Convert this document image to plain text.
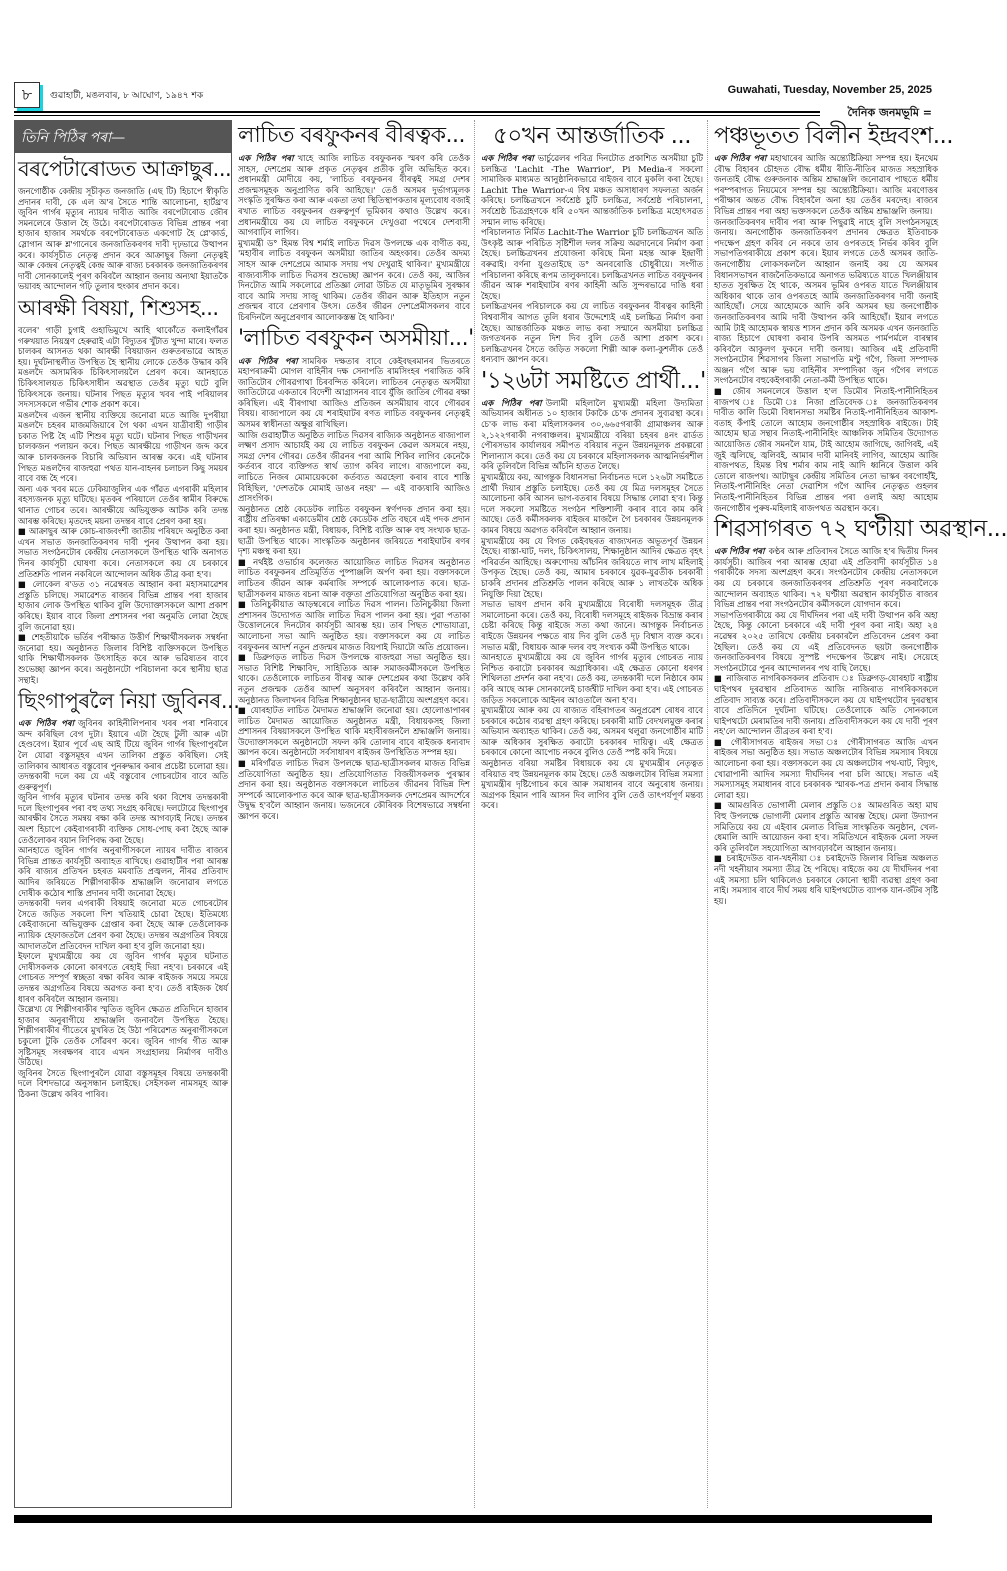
৮	গুৱাহাটী, মঙলবাৰ, ৮ আঘোণ, ১৯৪৭ শক	Guwahati, Tuesday, November 25, 2025
দৈনিক জনমভূমি =
তিনি পিঠিৰ পৰা—
বৰপেটাৰোডত আক্ৰাছুৰ...

জনগোষ্ঠীক কেন্দ্ৰীয় সূচীকৃত জনজাতি (এছ টি) হিচাপে স্বীকৃতি প্ৰদানৰ দাবী, কে এল অ'ৰ সৈতে শান্তি আলোচনা, হাৰ্টথ্ৰ'ব জুবিন গাৰ্গৰ মৃত্যুৰ ন্যায়ৰ দাবীত আজি বৰপেটাৰোড জৌৰ সমনলেৰে উত্তাল হৈ উঠে। বৰপেটাৰোডত বিভিন্ন প্ৰান্তৰ পৰা হাজাৰ হাজাৰ সমৰ্থকে বৰপেটাৰোডত একগোট হৈ প্লে'কাৰ্ড, স্লোগান আৰু শ্ল'গানেৰে জনজাতিকৰণৰ দাবী দৃঢ়ভাৱে উত্থাপন কৰে। কাৰ্যসূচীত নেতৃত্ব প্ৰদান কৰে আক্ৰাছুৰ জিলা নেতৃত্বই আৰু কেন্দ্ৰৰ নেতৃত্বই কেন্দ্ৰ আৰু ৰাজ্য চৰকাৰক জনজাতিকৰণৰ দাবী সোনকালেই পূৰণ কৰিবলৈ আহ্বান জনায় অন্যথা ইয়াতকৈ ভয়াবহ আন্দোলন গঢ়ি তুলাৰ হুংকাৰ প্ৰদান কৰে।

আৰক্ষী বিষয়া, শিশুসহ...

বলেৰ' গাড়ী চুগাই গুহাভিমুখে আহি থাকোঁতে কলাইগাঁৱৰ গৰুখয়াত নিয়ন্ত্ৰণ হেৰুৱাই এটা বিদ্যুতৰ খুঁটাত খুন্দা মাৰে। ফলত চালকৰ আসনত থকা আৰক্ষী বিষয়াজন গুৰুতৰভাৱে আহত হয়। দুৰ্ঘটনাস্থলীত উপস্থিত হৈ স্থানীয় লোকে তেওঁক উদ্ধাৰ কৰি মঙলদৈ অসামৰিক চিকিৎসালয়লৈ প্ৰেৰণ কৰে। আনহাতে চিকিৎসালয়ত চিকিৎসাধীন অৱস্থাত তেওঁৰ মৃত্যু ঘটে বুলি চিকিৎসকে জনায়। ঘটনাৰ পিছত মৃত্যুৰ খবৰ পাই পৰিয়ালৰ সদস্যসকলে গভীৰ শোক প্ৰকাশ কৰে।

মঙলদৈৰ এজন স্থানীয় ব্যক্তিয়ে জনোৱা মতে আজি দুপৰীয়া মঙলদৈ চহৰৰ মাজমজিয়াৰে গৈ থকা এখন যাত্ৰীবাহী গাড়ীৰ চকাত পিষ্ট হৈ এটি শিশুৰ মৃত্যু ঘটে। ঘটনাৰ পিছত গাড়ীখনৰ চালকজন পলায়ন কৰে। পিছত আৰক্ষীয়ে গাড়ীখন জব্দ কৰে আৰু চালকজনক বিচাৰি অভিযান আৰম্ভ কৰে। এই ঘটনাৰ পিছত মঙলদৈৰ ৰাজহুৱা পথত যান-বাহনৰ চলাচল কিছু সময়ৰ বাবে বন্ধ হৈ পৰে।

অন্য এক খবৰ মতে ঢেকিয়াজুলিৰ এক গাঁৱত এগৰাকী মহিলাৰ ৰহস্যজনক মৃত্যু ঘটিছে। মৃতকৰ পৰিয়ালে তেওঁৰ স্বামীৰ বিৰুদ্ধে থানাত গোচৰ তৰে। আৰক্ষীয়ে অভিযুক্তক আটক কৰি তদন্ত আৰম্ভ কৰিছে। মৃতদেহ ময়না তদন্তৰ বাবে প্ৰেৰণ কৰা হয়।

■ আক্ৰাছুৰ আৰু কোচ-ৰাজবংশী জাতীয় পৰিষদে অনুষ্ঠিত কৰা এখন সভাত জনজাতিকৰণৰ দাবী পুনৰ উত্থাপন কৰা হয়। সভাত সংগঠনটোৰ কেন্দ্ৰীয় নেতাসকলে উপস্থিত থাকি অনাগত দিনৰ কাৰ্যসূচী ঘোষণা কৰে। নেতাসকলে কয় যে চৰকাৰে প্ৰতিশ্ৰুতি পালন নকৰিলে আন্দোলন অধিক তীব্ৰ কৰা হ'ব।

■ লোকেল ৰ'ডত ৩১ নৱেম্বৰত আহ্বান কৰা মহাসমাৱেশৰ প্ৰস্তুতি চলিছে। সমাৱেশত ৰাজ্যৰ বিভিন্ন প্ৰান্তৰ পৰা হাজাৰ হাজাৰ লোক উপস্থিত থাকিব বুলি উদ্যোক্তাসকলে আশা প্ৰকাশ কৰিছে। ইয়াৰ বাবে জিলা প্ৰশাসনৰ পৰা অনুমতি লোৱা হৈছে বুলি জনোৱা হয়।

■ শেহতীয়াকৈ ভৰ্তিৰ পৰীক্ষাত উত্তীৰ্ণ শিক্ষাৰ্থীসকলক সম্বৰ্ধনা জনোৱা হয়। অনুষ্ঠানত জিলাৰ বিশিষ্ট ব্যক্তিসকলে উপস্থিত থাকি শিক্ষাৰ্থীসকলক উৎসাহিত কৰে আৰু ভৱিষ্যতৰ বাবে শুভেচ্ছা জ্ঞাপন কৰে। অনুষ্ঠানটো পৰিচালনা কৰে স্থানীয় ছাত্ৰ সন্থাই।

ছিংগাপুৰলৈ নিয়া জুবিনৰ...

এক পিঠিৰ পৰা জুবিনৰ কাহিনীলিপনাৰ খবৰ পৰা শনিবাৰে অন্দ কৰিছিল বেগ দুটা। ইয়াৰে এটা হৈছে টুলী আৰু এটা হেণ্ডবেগ। ইয়াৰ পূৰ্বে এছ আই টিয়ে জুবিন গাৰ্গৰ ছিংগাপুৰলৈ লৈ যোৱা বস্তুসমূহৰ এখন তালিকা প্ৰস্তুত কৰিছিল। সেই তালিকাৰ আধাৰত বস্তুবোৰ পুনৰুদ্ধাৰ কৰাৰ প্ৰচেষ্টা চলোৱা হয়। তদন্তকাৰী দলে কয় যে এই বস্তুবোৰ গোচৰটোৰ বাবে অতি গুৰুত্বপূৰ্ণ।

জুবিন গাৰ্গৰ মৃত্যুৰ ঘটনাৰ তদন্ত কৰি থকা বিশেষ তদন্তকাৰী দলে ছিংগাপুৰৰ পৰা বহু তথ্য সংগ্ৰহ কৰিছে। দলটোৱে ছিংগাপুৰ আৰক্ষীৰ সৈতে সমন্বয় ৰক্ষা কৰি তদন্ত আগবঢ়াই নিছে। তদন্তৰ অংশ হিচাপে কেইবাগৰাকী ব্যক্তিক সোধ-পোছ কৰা হৈছে আৰু তেওঁলোকৰ বয়ান লিপিবদ্ধ কৰা হৈছে।

আনহাতে জুবিন গাৰ্গৰ অনুৰাগীসকলে ন্যায়ৰ দাবীত ৰাজ্যৰ বিভিন্ন প্ৰান্তত কাৰ্যসূচী অব্যাহত ৰাখিছে। গুৱাহাটীৰ পৰা আৰম্ভ কৰি ৰাজ্যৰ প্ৰতিখন চহৰত মমবাতি প্ৰজ্বলন, নীৰৱ প্ৰতিবাদ আদিৰ জৰিয়তে শিল্পীগৰাকীক শ্ৰদ্ধাঞ্জলি জনোৱাৰ লগতে দোষীক কঠোৰ শাস্তি প্ৰদানৰ দাবী জনোৱা হৈছে।

তদন্তকাৰী দলৰ এগৰাকী বিষয়াই জনোৱা মতে গোচৰটোৰ সৈতে জড়িত সকলো দিশ খতিয়াই চোৱা হৈছে। ইতিমধ্যে কেইবাজনো অভিযুক্তক গ্ৰেপ্তাৰ কৰা হৈছে আৰু তেওঁলোকক ন্যায়িক হেফাজতলৈ প্ৰেৰণ কৰা হৈছে। তদন্তৰ অগ্ৰগতিৰ বিষয়ে আদালতলৈ প্ৰতিবেদন দাখিল কৰা হ'ব বুলি জনোৱা হয়।

ইফালে মুখ্যমন্ত্ৰীয়ে কয় যে জুবিন গাৰ্গৰ মৃত্যুৰ ঘটনাত দোষীসকলক কোনো কাৰণতে ৰেহাই দিয়া নহ'ব। চৰকাৰে এই গোচৰত সম্পূৰ্ণ স্বচ্ছতা ৰক্ষা কৰিব আৰু ৰাইজক সময়ে সময়ে তদন্তৰ অগ্ৰগতিৰ বিষয়ে অৱগত কৰা হ'ব। তেওঁ ৰাইজক ধৈৰ্য ধাৰণ কৰিবলৈ আহ্বান জনায়।

উল্লেখ্য যে শিল্পীগৰাকীৰ স্মৃতিত জুবিন ক্ষেত্ৰত প্ৰতিদিনে হাজাৰ হাজাৰ অনুৰাগীয়ে শ্ৰদ্ধাঞ্জলি জনাবলৈ উপস্থিত হৈছে। শিল্পীগৰাকীৰ গীতেৰে মুখৰিত হৈ উঠা পৰিৱেশত অনুৰাগীসকলে চকুলো টুকি তেওঁক সোঁৱৰণ কৰে। জুবিন গাৰ্গৰ গীত আৰু সৃষ্টিসমূহ সংৰক্ষণৰ বাবে এখন সংগ্ৰহালয় নিৰ্মাণৰ দাবীও উঠিছে।

জুবিনৰ সৈতে ছিংগাপুৰলৈ যোৱা বস্তুসমূহৰ বিষয়ে তদন্তকাৰী দলে বিশদভাৱে অনুসন্ধান চলাইছে। সেইসকল নামসমূহ আৰু ঠিকনা উল্লেখ কৰিব পাৰিব।

লাচিত বৰফুকনৰ বীৰত্বক...

এক পিঠিৰ পৰা খাহে আজি লাচিত বৰফুকনক স্মৰণ কৰি তেওঁক সাহস, দেশপ্ৰেম আৰু প্ৰকৃত নেতৃত্বৰ প্ৰতীক বুলি অভিহিত কৰে। প্ৰধানমন্ত্ৰী মোদীয়ে কয়, 'লাচিত বৰফুকনৰ বীৰত্বই সমগ্ৰ দেশৰ প্ৰজন্মসমূহক অনুপ্ৰাণিত কৰি আহিছে।' তেওঁ অসমৰ দুৰ্ভাগ্যমূলক সংস্কৃতি সুৰক্ষিত কৰা আৰু একতা তথা স্থিতিস্থাপকতাৰ মূল্যবোধ বজাই ৰখাত লাচিত বৰফুকনৰ গুৰুত্বপূৰ্ণ ভূমিকাৰ কথাও উল্লেখ কৰে। প্ৰধানমন্ত্ৰীয়ে কয় যে লাচিত বৰফুকনে দেখুওৱা পথেৰে দেশবাসী আগবাঢ়িব লাগিব।

মুখ্যমন্ত্ৰী ড° হিমন্ত বিশ্ব শৰ্মাই লাচিত দিৱস উপলক্ষে এক বাণীত কয়, 'মহাবীৰ লাচিত বৰফুকন অসমীয়া জাতিৰ অহংকাৰ। তেওঁৰ অদম্য সাহস আৰু দেশপ্ৰেমে আমাক সদায় পথ দেখুৱাই থাকিব।' মুখ্যমন্ত্ৰীয়ে ৰাজ্যবাসীক লাচিত দিৱসৰ শুভেচ্ছা জ্ঞাপন কৰে। তেওঁ কয়, আজিৰ দিনটোত আমি সকলোৱে প্ৰতিজ্ঞা লোৱা উচিত যে মাতৃভূমিৰ সুৰক্ষাৰ বাবে আমি সদায় সাজু থাকিম। তেওঁৰ জীৱন আৰু ইতিহাস নতুন প্ৰজন্মৰ বাবে প্ৰেৰণাৰ উৎস। তেওঁৰ জীৱন দেশপ্ৰেমীসকলৰ বাবে চিৰদিনলৈ অনুপ্ৰেৰণাৰ আলোকস্তম্ভ হৈ থাকিব।'

'লাচিত বৰফুকন অসমীয়া...'

এক পিঠিৰ পৰা সামৰিক দক্ষতাৰ বাবে কেইবছৰমানৰ ভিতৰতে মহাপৰাক্ৰমী মোগল বাহিনীৰ দক্ষ সেনাপতি ৰামসিংহৰ পৰাজিত কৰি জাতিটোৰ গৌৰৱগাথা চিৰবন্দিত কৰিলে। লাচিতৰ নেতৃত্বত অসমীয়া জাতিটোৱে একতাৰে বিদেশী আগ্ৰাসনৰ বাবে যুঁজি জাতিৰ গৌৰৱ ৰক্ষা কৰিছিল। এই বীৰগাথা আজিও প্ৰতিজন অসমীয়াৰ বাবে গৌৰৱৰ বিষয়। ৰাজ্যপালে কয় যে শৰাইঘাটৰ ৰণত লাচিত বৰফুকনৰ নেতৃত্বই অসমৰ স্বাধীনতা অক্ষুণ্ণ ৰাখিছিল।

আজি গুৱাহাটীত অনুষ্ঠিত লাচিত দিৱসৰ ৰাজ্যিক অনুষ্ঠানত ৰাজ্যপাল লক্ষ্মণ প্ৰসাদ আচাৰ্যই কয় যে লাচিত বৰফুকন কেৱল অসমৰে নহয়, সমগ্ৰ দেশৰ গৌৰৱ। তেওঁৰ জীৱনৰ পৰা আমি শিকিব লাগিব কেনেকৈ কৰ্তব্যৰ বাবে ব্যক্তিগত স্বাৰ্থ ত্যাগ কৰিব লাগে। ৰাজ্যপালে কয়, লাচিতে নিজৰ মোমায়েককো কৰ্তব্যত অৱহেলা কৰাৰ বাবে শাস্তি বিহিছিল, 'দেশতকৈ মোমাই ডাঙৰ নহয়' — এই বাক্যষাৰি আজিও প্ৰাসংগিক।

অনুষ্ঠানত শ্ৰেষ্ঠ কেডেটক লাচিত বৰফুকন স্বৰ্ণপদক প্ৰদান কৰা হয়। ৰাষ্ট্ৰীয় প্ৰতিৰক্ষা একাডেমীৰ শ্ৰেষ্ঠ কেডেটক প্ৰতি বছৰে এই পদক প্ৰদান কৰা হয়। অনুষ্ঠানত মন্ত্ৰী, বিধায়ক, বিশিষ্ট ব্যক্তি আৰু বহু সংখ্যক ছাত্ৰ-ছাত্ৰী উপস্থিত থাকে। সাংস্কৃতিক অনুষ্ঠানৰ জৰিয়তে শৰাইঘাটৰ ৰণৰ দৃশ্য মঞ্চস্থ কৰা হয়।

■ নৰ্থইষ্ট ওভাৰ্চাৰ কলেজত আয়োজিত লাচিত দিৱসৰ অনুষ্ঠানত লাচিত বৰফুকনৰ প্ৰতিমূৰ্তিত পুষ্পাঞ্জলি অৰ্পণ কৰা হয়। বক্তাসকলে লাচিতৰ জীৱন আৰু কৰ্মৰাজি সম্পৰ্কে আলোকপাত কৰে। ছাত্ৰ-ছাত্ৰীসকলৰ মাজত ৰচনা আৰু বক্তৃতা প্ৰতিযোগিতা অনুষ্ঠিত কৰা হয়।

■ তিনিচুকীয়াত আড়ম্বৰেৰে লাচিত দিৱস পালন। তিনিচুকীয়া জিলা প্ৰশাসনৰ উদ্যোগত আজি লাচিত দিৱস পালন কৰা হয়। পুৱা পতাকা উত্তোলনেৰে দিনটোৰ কাৰ্যসূচী আৰম্ভ হয়। তাৰ পিছত শোভাযাত্ৰা, আলোচনা সভা আদি অনুষ্ঠিত হয়। বক্তাসকলে কয় যে লাচিত বৰফুকনৰ আদৰ্শ নতুন প্ৰজন্মৰ মাজত বিয়পাই দিয়াটো অতি প্ৰয়োজন।

■ ডিব্ৰুগড়ত লাচিত দিৱস উপলক্ষে ৰাজহুৱা সভা অনুষ্ঠিত হয়। সভাত বিশিষ্ট শিক্ষাবিদ, সাহিত্যিক আৰু সমাজকৰ্মীসকলে উপস্থিত থাকে। তেওঁলোকে লাচিতৰ বীৰত্ব আৰু দেশপ্ৰেমৰ কথা উল্লেখ কৰি নতুন প্ৰজন্মক তেওঁৰ আদৰ্শ অনুসৰণ কৰিবলৈ আহ্বান জনায়। অনুষ্ঠানত জিলাখনৰ বিভিন্ন শিক্ষানুষ্ঠানৰ ছাত্ৰ-ছাত্ৰীয়ে অংশগ্ৰহণ কৰে।

■ যোৰহাটত লাচিত মৈদামত শ্ৰদ্ধাঞ্জলি জনোৱা হয়। হোলোঙাপাৰৰ লাচিত মৈদামত আয়োজিত অনুষ্ঠানত মন্ত্ৰী, বিধায়কসহ জিলা প্ৰশাসনৰ বিষয়াসকলে উপস্থিত থাকি মহাবীৰজনলৈ শ্ৰদ্ধাঞ্জলি জনায়। উদ্যোক্তাসকলে অনুষ্ঠানটো সফল কৰি তোলাৰ বাবে ৰাইজক ধন্যবাদ জ্ঞাপন কৰে। অনুষ্ঠানটো সৰ্বসাধাৰণ ৰাইজৰ উপস্থিতিত সম্পন্ন হয়।

■ মৰিগাঁৱত লাচিত দিৱস উপলক্ষে ছাত্ৰ-ছাত্ৰীসকলৰ মাজত বিভিন্ন প্ৰতিযোগিতা অনুষ্ঠিত হয়। প্ৰতিযোগিতাত বিজয়ীসকলক পুৰস্কাৰ প্ৰদান কৰা হয়। অনুষ্ঠানত বক্তাসকলে লাচিতৰ জীৱনৰ বিভিন্ন দিশ সম্পৰ্কে আলোকপাত কৰে আৰু ছাত্ৰ-ছাত্ৰীসকলক দেশপ্ৰেমৰ আদৰ্শেৰে উদ্বুদ্ধ হ'বলৈ আহ্বান জনায়। ভজনেৰে কৌৰিবক বিশেষভাৱে সম্বৰ্ধনা জ্ঞাপন কৰে।

৫০খন আন্তৰ্জাতিক ...

এক পিঠিৰ পৰা ভাৰ্চুৱেলৰ পবিত্ৰ দিনটোত প্ৰকাশিত অসমীয়া চুটি চলচ্চিত্ৰ 'Lachit -The Warrior', Pi Media-ৰ সকলো সামাজিক মাধ্যমত আনুষ্ঠানিকভাৱে ৰাইজৰ বাবে মুকলি কৰা হৈছে। Lachit The Warrior-এ বিশ্ব মঞ্চত অসাধাৰণ সফলতা অৰ্জন কৰিছে। চলচ্চিত্ৰখনে সৰ্বশ্ৰেষ্ঠ চুটি চলচ্চিত্ৰ, সৰ্বশ্ৰেষ্ঠ পৰিচালনা, সৰ্বশ্ৰেষ্ঠ চিত্ৰগ্ৰহণকে ধৰি ৫০খন আন্তৰ্জাতিক চলচ্চিত্ৰ মহোৎসৱত সন্মান লাভ কৰিছে।

পৰিচালনাত নিৰ্মিত Lachit-The Warrior চুটি চলচ্চিত্ৰখন অতি উৎকৃষ্ট আৰু পৰিচিত সৃষ্টিশীল দলৰ সক্ৰিয় অৱদানেৰে নিৰ্মাণ কৰা হৈছে। চলচ্চিত্ৰখনৰ প্ৰযোজনা কৰিছে মিনা মহন্ত আৰু ইন্দ্ৰাণী বৰুৱাই। বৰ্ণনা যুগুতাইছে ড° অনবৰোত্তি চৌধুৰীয়ে। সংগীত পৰিচালনা কৰিছে ৰূপম তালুকদাৰে। চলচ্চিত্ৰখনত লাচিত বৰফুকনৰ জীৱন আৰু শৰাইঘাটৰ ৰণৰ কাহিনী অতি সুন্দৰভাৱে দাঙি ধৰা হৈছে।

চলচ্চিত্ৰখনৰ পৰিচালকে কয় যে লাচিত বৰফুকনৰ বীৰত্বৰ কাহিনী বিশ্ববাসীৰ আগত তুলি ধৰাৰ উদ্দেশ্যেই এই চলচ্চিত্ৰ নিৰ্মাণ কৰা হৈছে। আন্তৰ্জাতিক মঞ্চত লাভ কৰা সন্মানে অসমীয়া চলচ্চিত্ৰ জগতখনক নতুন দিশ দিব বুলি তেওঁ আশা প্ৰকাশ কৰে। চলচ্চিত্ৰখনৰ সৈতে জড়িত সকলো শিল্পী আৰু কলা-কুশলীক তেওঁ ধন্যবাদ জ্ঞাপন কৰে।

'১২৬টা সমষ্টিতে প্ৰাৰ্থী...'

এক পিঠিৰ পৰা উলামী মহিলালৈ মুখ্যমন্ত্ৰী মহিলা উদ্যমিতা অভিযানৰ অধীনত ১০ হাজাৰ টকাকৈ চে'ক প্ৰদানৰ সুব্যৱস্থা কৰে। চে'ক লাভ কৰা মহিলাসকলৰ ৩০,৬৬৫গৰাকী গ্ৰামাঞ্চলৰ আৰু ২,১২২গৰাকী নগৰাঞ্চলৰ। মুখ্যমন্ত্ৰীয়ে বৰিয়া চহৰৰ ৪নং ৱাৰ্ডত পৌৰসভাৰ কাৰ্যালয়ৰ সমীপত বৰিয়াৰ নতুন উন্নয়নমূলক প্ৰকল্পৰো শিলান্যাস কৰে। তেওঁ কয় যে চৰকাৰে মহিলাসকলক আত্মনিৰ্ভৰশীল কৰি তুলিবলৈ বিভিন্ন আঁচনি হাতত লৈছে।

মুখ্যমন্ত্ৰীয়ে কয়, আগন্তুক বিধানসভা নিৰ্বাচনত দলে ১২৬টা সমষ্টিতে প্ৰাৰ্থী দিয়াৰ প্ৰস্তুতি চলাইছে। তেওঁ কয় যে মিত্ৰ দলসমূহৰ সৈতে আলোচনা কৰি আসন ভাগ-বতৰাৰ বিষয়ে সিদ্ধান্ত লোৱা হ'ব। কিন্তু দলে সকলো সমষ্টিতে সংগঠন শক্তিশালী কৰাৰ বাবে কাম কৰি আছে। তেওঁ কৰ্মীসকলক ৰাইজৰ মাজলৈ গৈ চৰকাৰৰ উন্নয়নমূলক কামৰ বিষয়ে অৱগত কৰিবলৈ আহ্বান জনায়।

মুখ্যমন্ত্ৰীয়ে কয় যে বিগত কেইবছৰত ৰাজ্যখনত অভূতপূৰ্ব উন্নয়ন হৈছে। ৰাস্তা-ঘাট, দলং, চিকিৎসালয়, শিক্ষানুষ্ঠান আদিৰ ক্ষেত্ৰত বৃহৎ পৰিৱৰ্তন আহিছে। অৰুণোদয় আঁচনিৰ জৰিয়তে লাখ লাখ মহিলাই উপকৃত হৈছে। তেওঁ কয়, আমাৰ চৰকাৰে যুৱক-যুৱতীক চৰকাৰী চাকৰি প্ৰদানৰ প্ৰতিশ্ৰুতি পালন কৰিছে আৰু ১ লাখতকৈ অধিক নিযুক্তি দিয়া হৈছে।

সভাত ভাষণ প্ৰদান কৰি মুখ্যমন্ত্ৰীয়ে বিৰোধী দলসমূহক তীব্ৰ সমালোচনা কৰে। তেওঁ কয়, বিৰোধী দলসমূহে ৰাইজক বিভ্ৰান্ত কৰাৰ চেষ্টা কৰিছে কিন্তু ৰাইজে সত্য কথা জানে। আগন্তুক নিৰ্বাচনত ৰাইজে উন্নয়নৰ পক্ষতে ৰায় দিব বুলি তেওঁ দৃঢ় বিশ্বাস ব্যক্ত কৰে। সভাত মন্ত্ৰী, বিধায়ক আৰু দলৰ বহু সংখ্যক কৰ্মী উপস্থিত থাকে।

আনহাতে মুখ্যমন্ত্ৰীয়ে কয় যে জুবিন গাৰ্গৰ মৃত্যুৰ গোচৰত ন্যায় নিশ্চিত কৰাটো চৰকাৰৰ অগ্ৰাধিকাৰ। এই ক্ষেত্ৰত কোনো ধৰণৰ শিথিলতা প্ৰদৰ্শন কৰা নহ'ব। তেওঁ কয়, তদন্তকাৰী দলে নিষ্ঠাৰে কাম কৰি আছে আৰু সোনকালেই চাৰ্জশ্বীট দাখিল কৰা হ'ব। এই গোচৰত জড়িত সকলোকে আইনৰ আওতালৈ অনা হ'ব।

মুখ্যমন্ত্ৰীয়ে আৰু কয় যে ৰাজ্যত বহিৰাগতৰ অনুপ্ৰৱেশ ৰোধৰ বাবে চৰকাৰে কঠোৰ ব্যৱস্থা গ্ৰহণ কৰিছে। চৰকাৰী মাটি বেদখলমুক্ত কৰাৰ অভিযান অব্যাহত থাকিব। তেওঁ কয়, অসমৰ থলুৱা জনগোষ্ঠীৰ মাটি আৰু অধিকাৰ সুৰক্ষিত কৰাটো চৰকাৰৰ দায়িত্ব। এই ক্ষেত্ৰত চৰকাৰে কোনো আপোচ নকৰে বুলিও তেওঁ স্পষ্ট কৰি দিয়ে।

অনুষ্ঠানত বৰিয়া সমষ্টিৰ বিধায়কে কয় যে মুখ্যমন্ত্ৰীৰ নেতৃত্বত বৰিয়াত বহু উন্নয়নমূলক কাম হৈছে। তেওঁ অঞ্চলটোৰ বিভিন্ন সমস্যা মুখ্যমন্ত্ৰীৰ দৃষ্টিগোচৰ কৰে আৰু সমাধানৰ বাবে অনুৰোধ জনায়। অগ্ৰপক হিমান পাৰি আসন দিব লাগিব বুলি তেওঁ তাৎপৰ্যপূৰ্ণ মন্তব্য কৰে।

পঞ্চভূতত বিলীন ইন্দ্ৰবংশ...

এক পিঠিৰ পৰা মহাথাৰেৰ আজি অন্ত্যেষ্টিক্ৰিয়া সম্পন্ন হয়। ইনথেম বৌদ্ধ বিহাৰৰ চৌহদত বৌদ্ধ ধৰ্মীয় ৰীতি-নীতিৰ মাজত সহস্ৰাধিক জনতাই বৌদ্ধ গুৰুজনাক অন্তিম শ্ৰদ্ধাঞ্জলি জনোৱাৰ পাছতে ধৰ্মীয় পৰম্পৰাগত নিয়মেৰে সম্পন্ন হয় অন্ত্যেষ্টিক্ৰিয়া। আজি মৰণোত্তৰ পৰীক্ষাৰ অন্তত বৌদ্ধ বিহাৰলৈ অনা হয় তেওঁৰ মৰদেহ। ৰাজ্যৰ বিভিন্ন প্ৰান্তৰ পৰা অহা ভক্তসকলে তেওঁক অন্তিম শ্ৰদ্ধাঞ্জলি জনায়।

জনজাতিকৰণৰ দাবীৰ পৰা আৰু পিছুৱাই নাহে বুলি সংগঠনসমূহে জনায়। অনগোষ্ঠীক জনজাতিকৰণ প্ৰদানৰ ক্ষেত্ৰত ইতিবাচক পদক্ষেপ গ্ৰহণ কৰিব নে নকৰে তাৰ ওপৰতহে নিৰ্ভৰ কৰিব বুলি সভাপতিগৰাকীয়ে প্ৰকাশ কৰে। ইয়াৰ লগতে তেওঁ অসমৰ জাতি-জনগোষ্ঠীয় লোকসকললৈ আহ্বান জনাই কয় যে অসমৰ বিধানসভাখন ৰাজনৈতিকভাৱে অনাগত ভৱিষ্যতে যাতে খিলঞ্জীয়াৰ হাতত সুৰক্ষিত হৈ থাকে, অসমৰ ভূমিৰ ওপৰত যাতে খিলঞ্জীয়াৰ অধিকাৰ থাকে তাৰ ওপৰতহে আমি জনজাতিকৰণৰ দাবী জনাই আহিছোঁ। সেয়ে আহোমকে আদি কৰি অসমৰ ছয় জনগোষ্ঠীক জনজাতিকৰণৰ আমি দাবী উত্থাপন কৰি আহিছোঁ। ইয়াৰ লগতে আমি টাই আহোমক স্বায়ত্ত শাসন প্ৰদান কৰি অসমক এখন জনজাতি ৰাজ্য হিচাপে ঘোষণা কৰাৰ উপৰি অসমত পাৰ্মপৰ্মলে বাৰম্বাৰ কৰিবলৈ আকুলণ ফুকনে দাবী জনায়। আজিৰ এই প্ৰতিবাদী সংগঠনটোৰ শিৱসাগৰ জিলা সভাপতি মণ্টু গগৈ, জিলা সম্পাদক অঞ্জন গগৈ আৰু ভয় বাহিনীৰ সম্পাদিকা জুন গগৈৰ লগতে সংগঠনটোৰ বহুকেইগৰাকী নেতা-কৰ্মী উপস্থিত থাকে।

■ জৌৰ সমনলেৰে উত্তাল হ'ল ডিমৌৰ নিতাই-পানীনিহিতৰ ৰাজপথ ঃ ডিমৌ ঃ নিজা প্ৰতিবেদক ঃ জনজাতিকৰণৰ দাবীত কালি ডিমৌ বিধানসভা সমষ্টিৰ নিতাই-পানীনিহিতৰ আকাশ-বতাহ কঁপাই তোলে আহোম জনগোষ্ঠীৰ সহস্ৰাধিক ৰাইজে। টাই আহোম ছাত্ৰ সন্থাৰ নিতাই-পানীনিহিং আঞ্চলিক সমিতিৰ উদ্যোগত আয়োজিত জৌৰ সমনলৈ যাম, টাই আহোম জাগিছে, জাগিবই, এই জুই জ্বলিছে, জ্বলিবই, আমাৰ দাবী মানিবই লাগিব, আহোম আজি ৰাজপথত, হিমন্ত বিশ্ব শৰ্মাৰ কাম নাই আদি ধ্বনিৰে উত্তাল কৰি তোলে ৰাজপথ। আটাছুৰ কেন্দ্ৰীয় সমিতিৰ নেতা ভাস্কৰ বৰগোহাঁই, নিতাই-পানীনিহিং নেতা দেৱাশিস গগৈ আদিৰ নেতৃত্বত গুহলৰ নিতাই-পানীনিহিতৰ বিভিন্ন প্ৰান্তৰ পৰা ওলাই অহা আহোম জনগোষ্ঠীৰ পুৰুষ-মহিলাই ৰাজপথত অৱস্থান কৰে।

শিৱসাগৰত ৭২ ঘণ্টীয়া অৱস্থান...

এক পিঠিৰ পৰা কণ্ঠৰ আৰু প্ৰতিবাদৰ সৈতে আজি হ'ৰ দ্বিতীয় দিনৰ কাৰ্যসূচী। আজিৰ পৰা আৰম্ভ হোৱা এই প্ৰতিবাদী কাৰ্যসূচীত ১৪ গৰাকীকৈ সদস্য অংশগ্ৰহণ কৰে। সংগঠনটোৰ কেন্দ্ৰীয় নেতাসকলে কয় যে চৰকাৰে জনজাতিকৰণৰ প্ৰতিশ্ৰুতি পূৰণ নকৰালৈকে আন্দোলন অব্যাহত থাকিব। ৭২ ঘণ্টীয়া অৱস্থান কাৰ্যসূচীত ৰাজ্যৰ বিভিন্ন প্ৰান্তৰ পৰা সংগঠনটোৰ কৰ্মীসকলে যোগদান কৰে।

সভাপতিগৰাকীয়ে কয় যে দীৰ্ঘদিনৰ পৰা এই দাবী উত্থাপন কৰি অহা হৈছে, কিন্তু কোনো চৰকাৰে এই দাবী পূৰণ কৰা নাই। অহা ২৪ নৱেম্বৰ ২০২৫ তাৰিখে কেন্দ্ৰীয় চৰকাৰলৈ প্ৰতিবেদন প্ৰেৰণ কৰা হৈছিল। তেওঁ কয় যে এই প্ৰতিবেদনত ছয়টা জনগোষ্ঠীক জনজাতিকৰণৰ বিষয়ে সুস্পষ্ট পদক্ষেপৰ উল্লেখ নাই। সেয়েহে সংগঠনটোৱে পুনৰ আন্দোলনৰ পথ বাছি লৈছে।

■ নাজিৰাত নাগৰিকসকলৰ প্ৰতিবাদ ঃ ডিব্ৰুগড়-যোৰহাট ৰাষ্ট্ৰীয় ঘাইপথৰ দুৰৱস্থাৰ প্ৰতিবাদত আজি নাজিৰাত নাগৰিকসকলে প্ৰতিবাদ সাব্যস্ত কৰে। প্ৰতিবাদীসকলে কয় যে ঘাইপথটোৰ দুৰৱস্থাৰ বাবে প্ৰতিদিনে দুৰ্ঘটনা ঘটিছে। তেওঁলোকে অতি সোনকালে ঘাইপথটো মেৰামতিৰ দাবী জনায়। প্ৰতিবাদীসকলে কয় যে দাবী পূৰণ নহ'লে আন্দোলন তীব্ৰতৰ কৰা হ'ব।

■ গৌৰীসাগৰত ৰাইজৰ সভা ঃ গৌৰীসাগৰত আজি এখন ৰাইজৰ সভা অনুষ্ঠিত হয়। সভাত অঞ্চলটোৰ বিভিন্ন সমস্যাৰ বিষয়ে আলোচনা কৰা হয়। বক্তাসকলে কয় যে অঞ্চলটোৰ পথ-ঘাট, বিদ্যুৎ, খোৱাপানী আদিৰ সমস্যা দীৰ্ঘদিনৰ পৰা চলি আছে। সভাত এই সমস্যাসমূহ সমাধানৰ বাবে চৰকাৰক স্মাৰক-পত্ৰ প্ৰদান কৰাৰ সিদ্ধান্ত লোৱা হয়।

■ আমগুৰিত ভোগালী মেলাৰ প্ৰস্তুতি ঃ আমগুৰিত অহা মাঘ বিহু উপলক্ষে ভোগালী মেলাৰ প্ৰস্তুতি আৰম্ভ হৈছে। মেলা উদ্যাপন সমিতিয়ে কয় যে এইবাৰ মেলাত বিভিন্ন সাংস্কৃতিক অনুষ্ঠান, খেল-ধেমালি আদি আয়োজন কৰা হ'ব। সমিতিখনে ৰাইজক মেলা সফল কৰি তুলিবলৈ সহযোগিতা আগবঢ়াবলৈ আহ্বান জনায়।

■ চৰাইদেউত বান-খহনীয়া ঃ চৰাইদেউ জিলাৰ বিভিন্ন অঞ্চলত নদী খহনীয়াৰ সমস্যা তীব্ৰ হৈ পৰিছে। ৰাইজে কয় যে দীৰ্ঘদিনৰ পৰা এই সমস্যা চলি থাকিলেও চৰকাৰে কোনো স্থায়ী ব্যৱস্থা গ্ৰহণ কৰা নাই। সমস্যাৰ বাবে দীৰ্ঘ সময় ধৰি ঘাইপথটোত ব্যাপক যান-জঁটৰ সৃষ্টি হয়।
